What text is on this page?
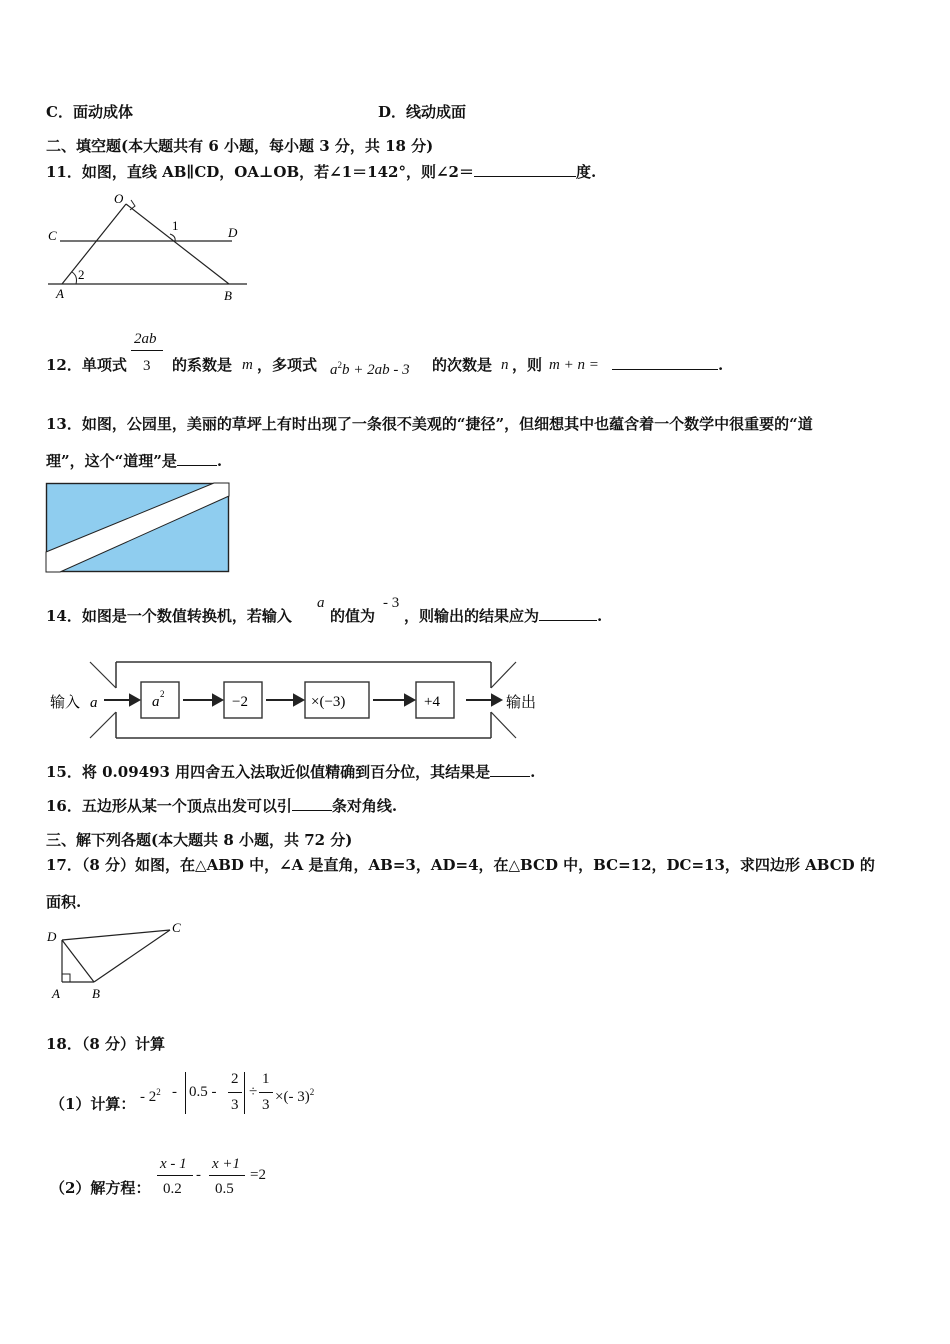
C．面动成体	D．线动成面
二、填空题(本大题共有 6 小题，每小题 3 分，共 18 分)
11．如图，直线 AB∥CD，OA⊥OB，若∠1＝142°，则∠2＝	度.
O
C	D
A	B
1
2
12．单项式
2ab
3 的系数是 m ，多项式 $a^2b + 2ab - 3$ 的次数是 n ，则 m + n =	.
13．如图，公园里，美丽的草坪上有时出现了一条很不美观的“捷径”，但细想其中也蕴含着一个数学中很重要的“道
理”，这个“道理”是	.
14．如图是一个数值转换机，若输入
a
的值为
- 3
，则输出的结果应为	.
输入 a	a 2	−2	×(−3)	+4	输出
15．将 0.09493 用四舍五入法取近似值精确到百分位，其结果是	.
16．五边形从某一个顶点出发可以引	条对角线.
三、解下列各题(本大题共 8 小题，共 72 分)
17．（8 分）如图，在△ABD 中，∠A 是直角，AB=3，AD=4，在△BCD 中，BC=12，DC=13，求四边形 ABCD 的
面积.
D
C
A B
18．（8 分）计算
（1）计算： - $2^2 - 0.5$ -
2
3
÷
1
3 ×(- 3)$^2$
（2）解方程：
x - 1
0.2
-
x +1
0.5
=2
